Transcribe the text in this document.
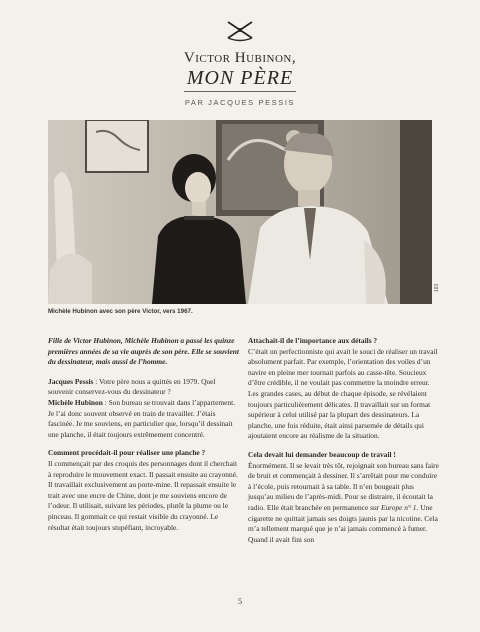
Victor Hubinon,
MON PÈRE
PAR JACQUES PESSIS
Michèle Hubinon avec son père Victor, vers 1967.
183

Fille de Victor Hubinon, Michèle Hubinon a passé les quinze premières années de sa vie auprès de son père. Elle se souvient du dessinateur, mais aussi de l’homme.

Jacques Pessis : Votre père nous a quittés en 1979. Quel souvenir conservez-vous du dessinateur ?
Michèle Hubinon : Son bureau se trouvait dans l’appartement. Je l’ai donc souvent observé en train de travailler. J’étais fascinée. Je me souviens, en particulier que, lorsqu’il dessinait une planche, il était toujours extrêmement concentré.

Comment procédait-il pour réaliser une planche ?
Il commençait par des croquis des personnages dont il cherchait à reproduire le mouvement exact. Il passait ensuite au crayonné. Il travaillait exclusivement au porte-mine. Il repassait ensuite le trait avec une encre de Chine, dont je me souviens encore de l’odeur. Il utilisait, suivant les périodes, plutôt la plume ou le pinceau. Il gommait ce qui restait visible du crayonné. Le résultat était toujours stupéfiant, incroyable.

Attachait-il de l’importance aux détails ?
C’était un perfectionniste qui avait le souci de réaliser un travail absolument parfait. Par exemple, l’orientation des voiles d’un navire en pleine mer tournait parfois au casse-tête. Soucieux d’être crédible, il ne voulait pas commettre la moindre erreur. Les grandes cases, au début de chaque épisode, se révélaient toujours particulièrement délicates. Il travaillait sur un format supérieur à celui utilisé par la plupart des dessinateurs. La planche, une fois réduite, était ainsi parsemée de détails qui ajoutaient encore au réalisme de la situation.

Cela devait lui demander beaucoup de travail !
Énormément. Il se levait très tôt, rejoignait son bureau sans faire de bruit et commençait à dessiner. Il s’arrêtait pour me conduire à l’école, puis retournait à sa table. Il n’en bougeait plus jusqu’au milieu de l’après-midi. Pour se distraire, il écoutait la radio. Elle était branchée en permanence sur Europe n° 1. Une cigarette ne quittait jamais ses doigts jaunis par la nicotine. Cela m’a tellement marqué que je n’ai jamais commencé à fumer. Quand il avait fini son

5
